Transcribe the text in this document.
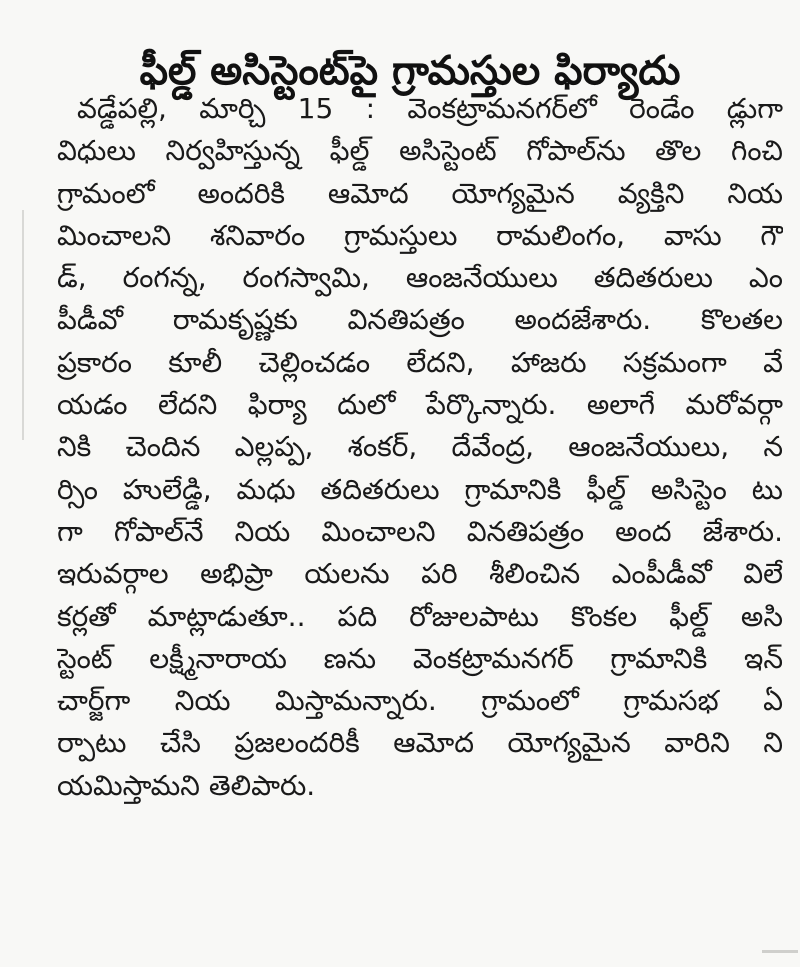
ఫీల్డ్ అసిస్టెంట్‌పై గ్రామస్తుల ఫిర్యాదు
వడ్డేపల్లి, మార్చి 15 : వెంకట్రామనగర్‌లో రెండేం డ్లుగా
విధులు నిర్వహిస్తున్న ఫీల్డ్ అసిస్టెంట్ గోపాల్‌ను తొల గించి
గ్రామంలో అందరికి ఆమోద యోగ్యమైన వ్యక్తిని నియ
మించాలని శనివారం గ్రామస్తులు రామలింగం, వాసు గౌ
డ్, రంగన్న, రంగస్వామి, ఆంజనేయులు తదితరులు ఎం
పీడీవో రామకృష్ణకు వినతిపత్రం అందజేశారు. కొలతల
ప్రకారం కూలీ చెల్లించడం లేదని, హాజరు సక్రమంగా వే
యడం లేదని ఫిర్యా దులో పేర్కొన్నారు. అలాగే మరోవర్గా
నికి చెందిన ఎల్లప్ప, శంకర్, దేవేంద్ర, ఆంజనేయులు, న
ర్సిం హులేడ్డి, మధు తదితరులు గ్రామానికి ఫీల్డ్ అసిస్టెం టు
గా గోపాల్‌నే నియ మించాలని వినతిపత్రం అంద జేశారు.
ఇరువర్గాల అభిప్రా యలను పరి శీలించిన ఎంపీడీవో విలే
కర్లతో మాట్లాడుతూ.. పది రోజులపాటు కొంకల ఫీల్డ్ అసి
స్టెంట్ లక్ష్మీనారాయ ణను వెంకట్రామనగర్ గ్రామానికి ఇన్
చార్జ్‌గా నియ మిస్తామన్నారు. గ్రామంలో గ్రామసభ ఏ
ర్పాటు చేసి ప్రజలందరికీ ఆమోద యోగ్యమైన వారిని ని
యమిస్తామని తెలిపారు.
